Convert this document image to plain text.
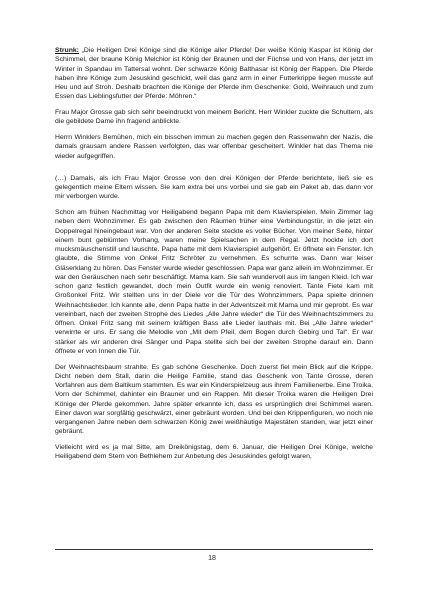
Strunk: „Die Heiligen Drei Könige sind die Könige aller Pferde! Der weiße König Kaspar ist König der Schimmel, der braune König Melchior ist König der Braunen und der Füchse und von Hans, der jetzt im Winter in Spandau im Tattersal wohnt. Der schwarze König Balthasar ist König der Rappen. Die Pferde haben ihre Könige zum Jesuskind geschickt, weil das ganz arm in einer Futterkrippe liegen musste auf Heu und auf Stroh. Deshalb brachten die Könige der Pferde ihm Geschenke: Gold, Weihrauch und zum Essen das Lieblingsfutter der Pferde: Möhren.“

Frau Major Grosse gab sich sehr beeindruckt von meinem Bericht. Herr Winkler zuckte die Schultern, als die gebildete Dame ihn fragend anblickte.

Herrn Winklers Bemühen, mich ein bisschen immun zu machen gegen den Rassenwahn der Nazis, die damals grausam andere Rassen verfolgten, das war offenbar gescheitert. Winkler hat das Thema nie wieder aufgegriffen.

(…) Damals, als ich Frau Major Grosse von den drei Königen der Pferde berichtete, ließ sie es gelegentlich meine Eltern wissen. Sie kam extra bei uns vorbei und sie gab ein Paket ab, das dann vor mir verborgen wurde.

Schon am frühen Nachmittag vor Heiligabend begann Papa mit dem Klavierspielen. Mein Zimmer lag neben dem Wohnzimmer. Es gab zwischen den Räumen früher eine Verbindungstür, in die jetzt ein Doppelregal hineingebaut war. Von der anderen Seite steckte es voller Bücher. Von meiner Seite, hinter einem bunt geblümten Vorhang, waren meine Spielsachen in dem Regal. Jetzt hockte ich dort mucksmäuschenstill und lauschte. Papa hatte mit dem Klavierspiel aufgehört. Er öffnete ein Fenster. Ich glaubte, die Stimme von Onkel Fritz Schröter zu vernehmen. Es schurrte was. Dann war leiser Gläserklang zu hören. Das Fenster wurde wieder geschlossen. Papa war ganz allein im Wohnzimmer. Er war den Geräuschen nach sehr beschäftigt. Mama kam. Sie sah wundervoll aus im langen Kleid. Ich war schon ganz festlich gewandet, doch mein Outfit wurde ein wenig renoviert. Tante Fiete kam mit Großonkel Fritz. Wir stellten uns in der Diele vor die Tür des Wohnzimmers. Papa spielte drinnen Weihnachtslieder. Ich kannte alle, denn Papa hatte in der Adventszeit mit Mama und mir geprobt. Es war vereinbart, nach der zweiten Strophe des Liedes „Alle Jahre wieder“ die Tür des Weihnachtszimmers zu öffnen. Onkel Fritz sang mit seinem kräftigen Bass alle Lieder lauthals mit. Bei „Alle Jahre wieder“ verwirrte er uns. Er sang die Melodie von „Mit dem Pfeil, dem Bogen durch Gebirg und Tal“. Er war stärker als wir anderen drei Sänger und Papa stellte sich bei der zweiten Strophe darauf ein. Dann öffnete er von Innen die Tür.

Der Weihnachtsbaum strahlte. Es gab schöne Geschenke. Doch zuerst fiel mein Blick auf die Krippe. Dicht neben dem Stall, darin die Heilige Familie, stand das Geschenk von Tante Grosse, deren Vorfahren aus dem Baltikum stammten. Es war ein Kinderspielzeug aus ihrem Familienerbe. Eine Troika. Vorn der Schimmel, dahinter ein Brauner und ein Rappen. Mit dieser Troika waren die Heiligen Drei Könige der Pferde gekommen. Jahre später erkannte ich, dass es ursprünglich drei Schimmel waren. Einer davon war sorgfältig geschwärzt, einer gebräunt worden. Und bei den Krippenfiguren, wo noch nie vergangenen Jahre neben dem schwarzen König zwei weißhäutige Majestäten standen, war jetzt einer gebräunt.

Vielleicht wird es ja mal Sitte, am Dreikönigstag, dem 6. Januar, die Heiligen Drei Könige, welche Heiligabend dem Stern von Bethlehem zur Anbetung des Jesuskindes gefolgt waren,

18
